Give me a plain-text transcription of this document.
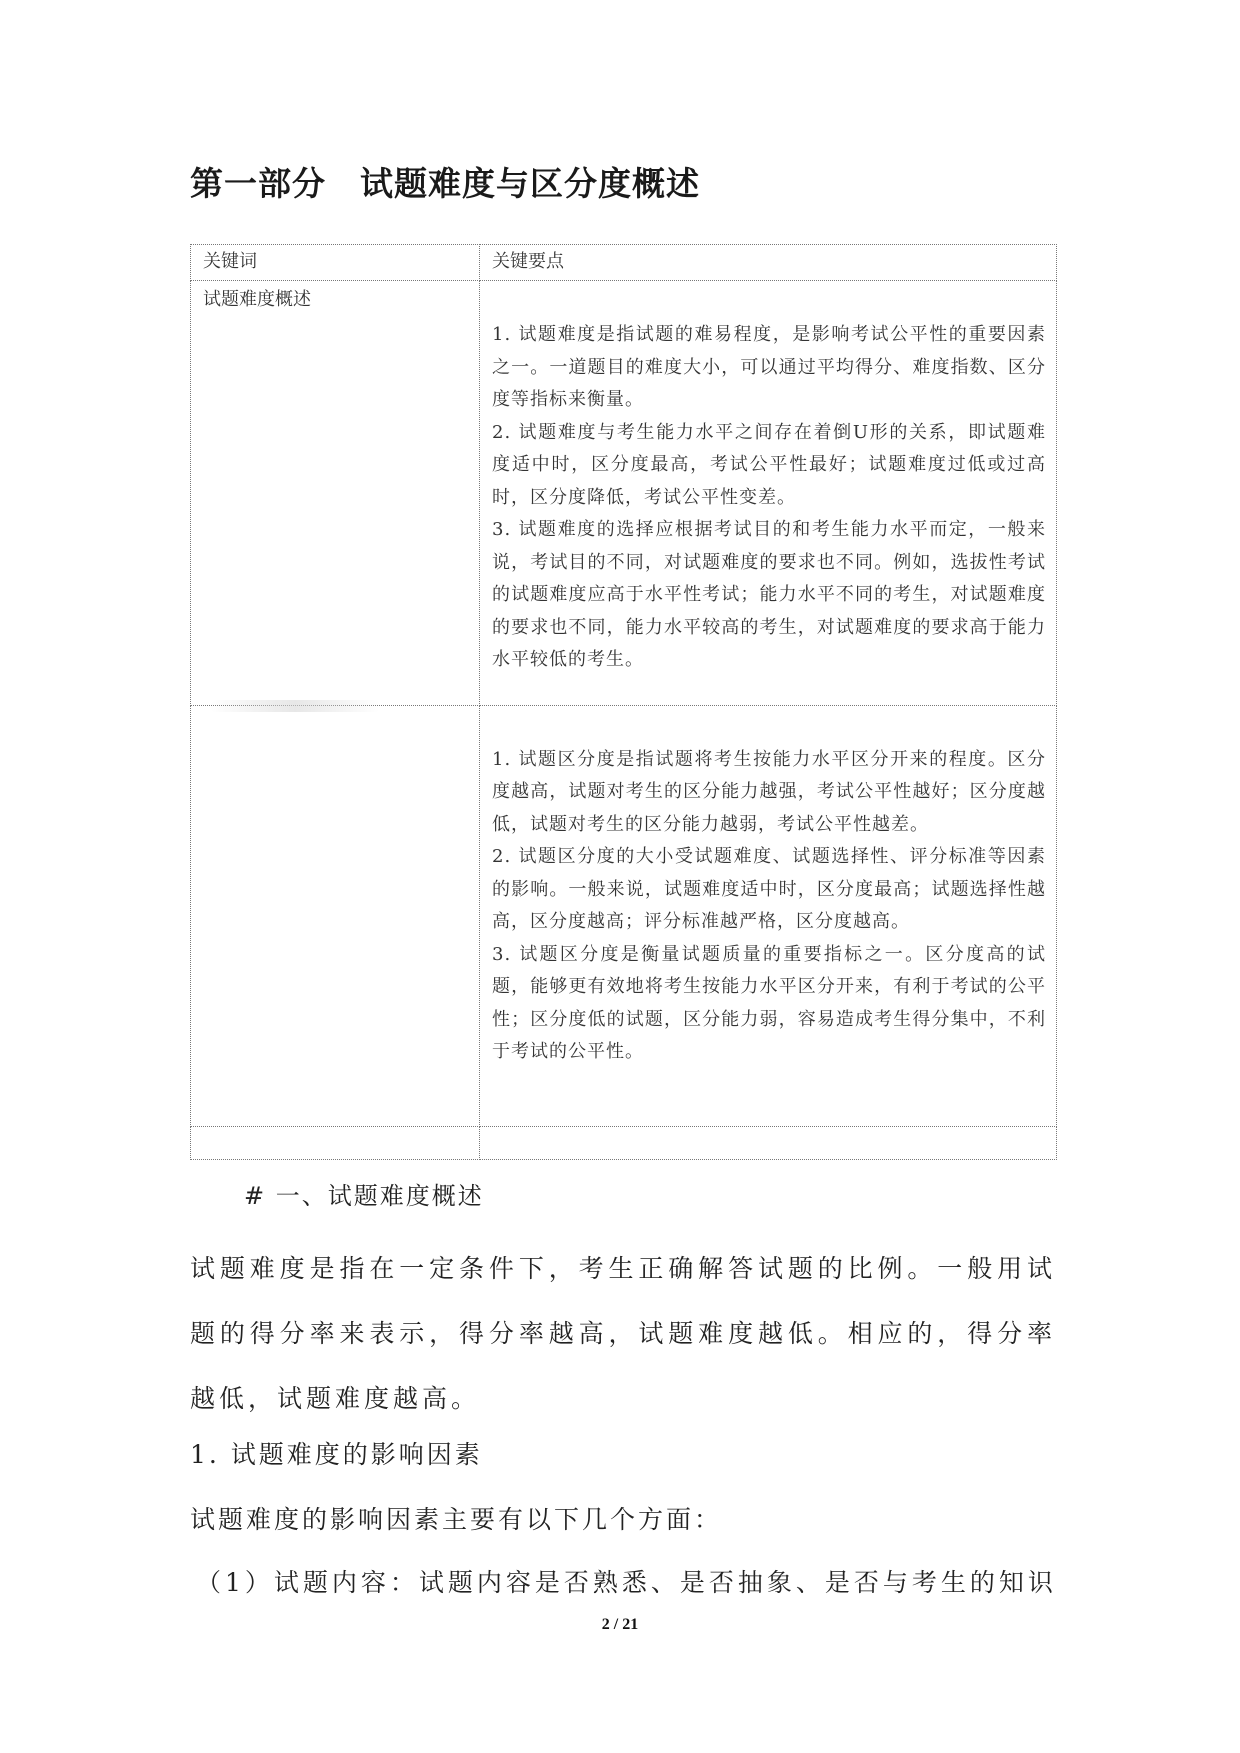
第一部分　试题难度与区分度概述
关键词	关键要点
试题难度概述	1. 试题难度是指试题的难易程度，是影响考试公平性的重要因素之一。一道题目的难度大小，可以通过平均得分、难度指数、区分度等指标来衡量。

2. 试题难度与考生能力水平之间存在着倒U形的关系，即试题难度适中时，区分度最高，考试公平性最好；试题难度过低或过高时，区分度降低，考试公平性变差。

3. 试题难度的选择应根据考试目的和考生能力水平而定，一般来说，考试目的不同，对试题难度的要求也不同。例如，选拔性考试的试题难度应高于水平性考试；能力水平不同的考生，对试题难度的要求也不同，能力水平较高的考生，对试题难度的要求高于能力水平较低的考生。

	1. 试题区分度是指试题将考生按能力水平区分开来的程度。区分度越高，试题对考生的区分能力越强，考试公平性越好；区分度越低，试题对考生的区分能力越弱，考试公平性越差。

2. 试题区分度的大小受试题难度、试题选择性、评分标准等因素的影响。一般来说，试题难度适中时，区分度最高；试题选择性越高，区分度越高；评分标准越严格，区分度越高。

3. 试题区分度是衡量试题质量的重要指标之一。区分度高的试题，能够更有效地将考生按能力水平区分开来，有利于考试的公平性；区分度低的试题，区分能力弱，容易造成考生得分集中，不利于考试的公平性。

# 一、试题难度概述
试题难度是指在一定条件下，考生正确解答试题的比例。一般用试题的得分率来表示，得分率越高，试题难度越低。相应的，得分率越低，试题难度越高。
1. 试题难度的影响因素
试题难度的影响因素主要有以下几个方面：
（1）试题内容：试题内容是否熟悉、是否抽象、是否与考生的知识
2 / 21
